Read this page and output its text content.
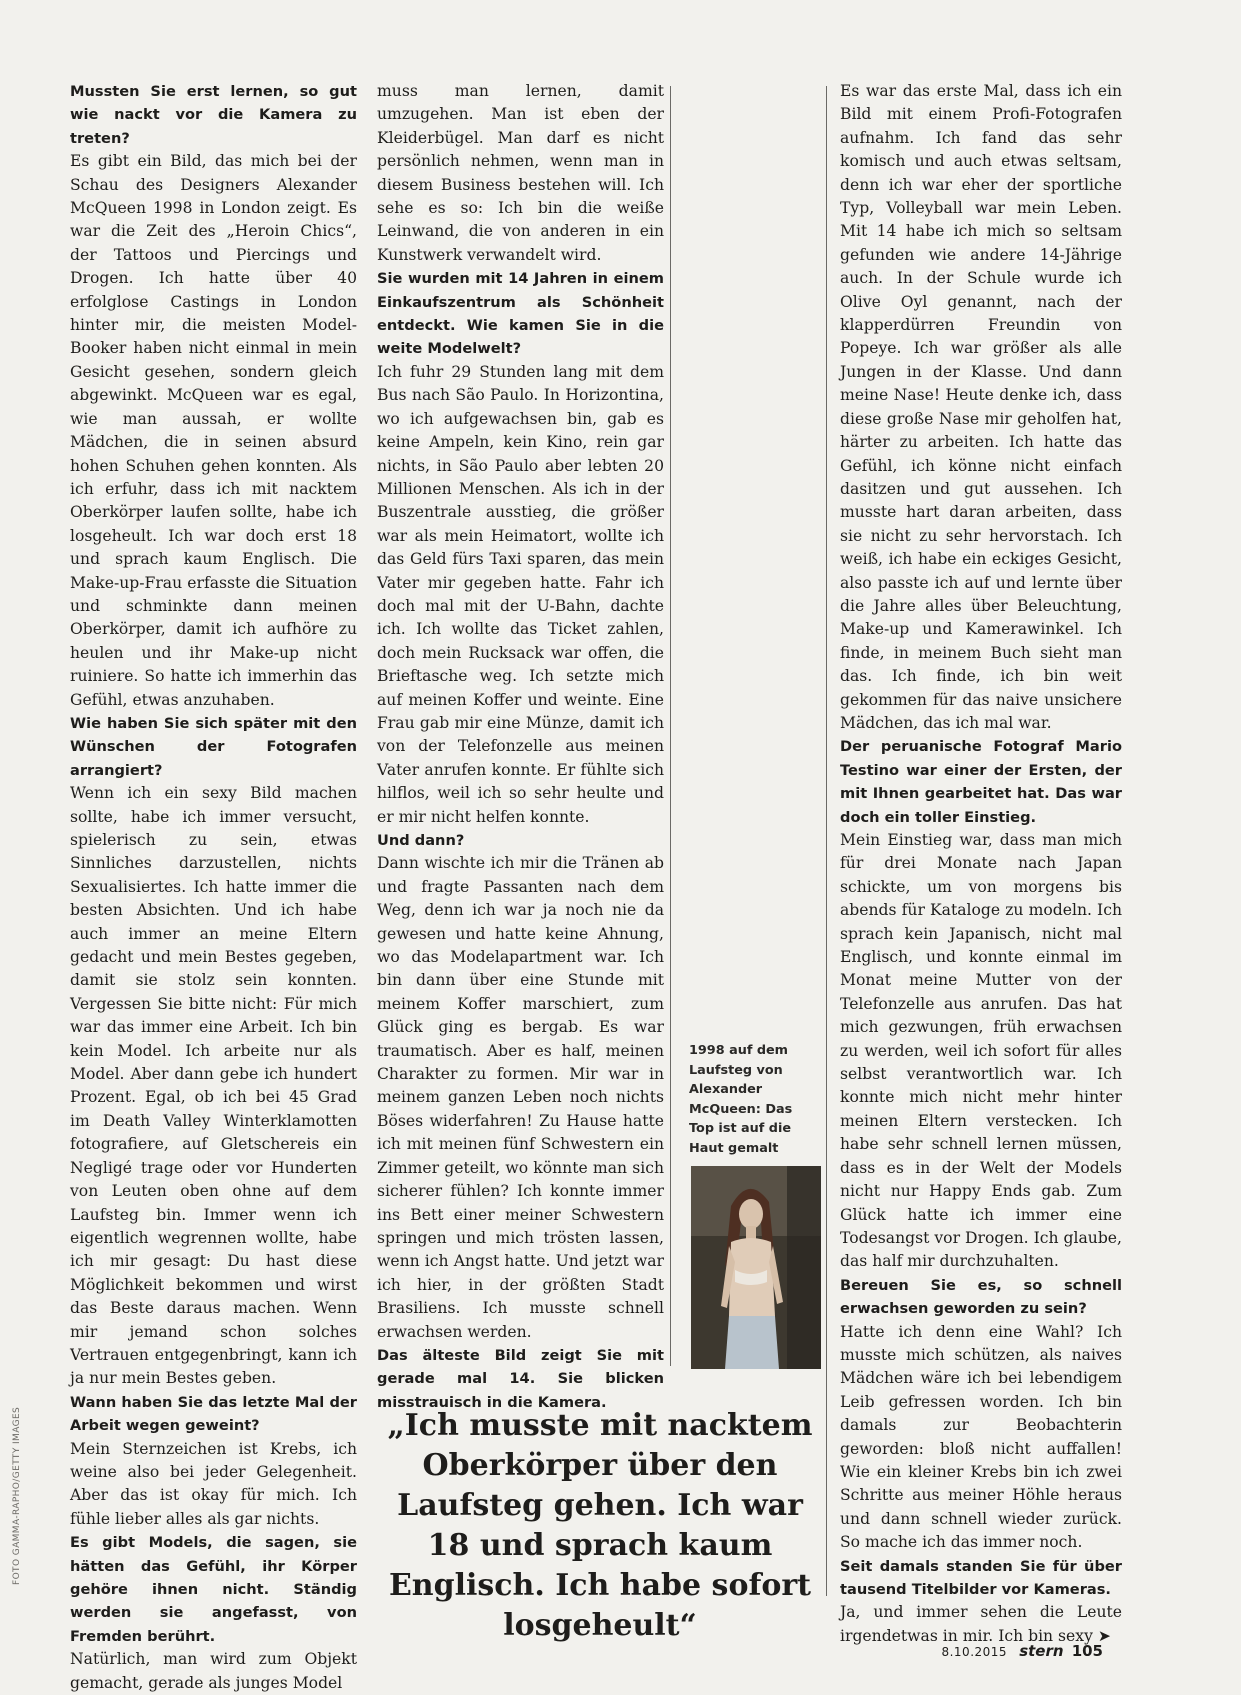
FOTO GAMMA-RAPHO/GETTY IMAGES

Mussten Sie erst lernen, so gut wie nackt vor die Kamera zu treten?

Es gibt ein Bild, das mich bei der Schau des Designers Alexander McQueen 1998 in London zeigt. Es war die Zeit des „Heroin Chics“, der Tattoos und Piercings und Drogen. Ich hatte über 40 erfolglose Castings in London hinter mir, die meisten Model-Booker haben nicht einmal in mein Gesicht gesehen, sondern gleich abgewinkt. McQueen war es egal, wie man aussah, er wollte Mädchen, die in seinen absurd hohen Schuhen gehen konnten. Als ich erfuhr, dass ich mit nacktem Oberkörper laufen sollte, habe ich losgeheult. Ich war doch erst 18 und sprach kaum Englisch. Die Make-up-Frau erfasste die Situation und schminkte dann meinen Oberkörper, damit ich aufhöre zu heulen und ihr Make-up nicht ruiniere. So hatte ich immerhin das Gefühl, etwas anzuhaben.

Wie haben Sie sich später mit den Wünschen der Fotografen arrangiert?

Wenn ich ein sexy Bild machen sollte, habe ich immer versucht, spielerisch zu sein, etwas Sinnliches darzustellen, nichts Sexualisiertes. Ich hatte immer die besten Absichten. Und ich habe auch immer an meine Eltern gedacht und mein Bestes gegeben, damit sie stolz sein konnten. Vergessen Sie bitte nicht: Für mich war das immer eine Arbeit. Ich bin kein Model. Ich arbeite nur als Model. Aber dann gebe ich hundert Prozent. Egal, ob ich bei 45 Grad im Death Valley Winterklamotten fotografiere, auf Gletschereis ein Negligé trage oder vor Hunderten von Leuten oben ohne auf dem Laufsteg bin. Immer wenn ich eigentlich wegrennen wollte, habe ich mir gesagt: Du hast diese Möglichkeit bekommen und wirst das Beste daraus machen. Wenn mir jemand schon solches Vertrauen entgegenbringt, kann ich ja nur mein Bestes geben.

Wann haben Sie das letzte Mal der Arbeit wegen geweint?

Mein Sternzeichen ist Krebs, ich weine also bei jeder Gelegenheit. Aber das ist okay für mich. Ich fühle lieber alles als gar nichts.

Es gibt Models, die sagen, sie hätten das Gefühl, ihr Körper gehöre ihnen nicht. Ständig werden sie angefasst, von Fremden berührt.

Natürlich, man wird zum Objekt gemacht, gerade als junges Model

muss man lernen, damit umzugehen. Man ist eben der Kleiderbügel. Man darf es nicht persönlich nehmen, wenn man in diesem Business bestehen will. Ich sehe es so: Ich bin die weiße Leinwand, die von anderen in ein Kunstwerk verwandelt wird.

Sie wurden mit 14 Jahren in einem Einkaufszentrum als Schönheit entdeckt. Wie kamen Sie in die weite Modelwelt?

Ich fuhr 29 Stunden lang mit dem Bus nach São Paulo. In Horizontina, wo ich aufgewachsen bin, gab es keine Ampeln, kein Kino, rein gar nichts, in São Paulo aber lebten 20 Millionen Menschen. Als ich in der Buszentrale ausstieg, die größer war als mein Heimatort, wollte ich das Geld fürs Taxi sparen, das mein Vater mir gegeben hatte. Fahr ich doch mal mit der U-Bahn, dachte ich. Ich wollte das Ticket zahlen, doch mein Rucksack war offen, die Brieftasche weg. Ich setzte mich auf meinen Koffer und weinte. Eine Frau gab mir eine Münze, damit ich von der Telefonzelle aus meinen Vater anrufen konnte. Er fühlte sich hilflos, weil ich so sehr heulte und er mir nicht helfen konnte.

Und dann?

Dann wischte ich mir die Tränen ab und fragte Passanten nach dem Weg, denn ich war ja noch nie da gewesen und hatte keine Ahnung, wo das Modelapartment war. Ich bin dann über eine Stunde mit meinem Koffer marschiert, zum Glück ging es bergab. Es war traumatisch. Aber es half, meinen Charakter zu formen. Mir war in meinem ganzen Leben noch nichts Böses widerfahren! Zu Hause hatte ich mit meinen fünf Schwestern ein Zimmer geteilt, wo könnte man sich sicherer fühlen? Ich konnte immer ins Bett einer meiner Schwestern springen und mich trösten lassen, wenn ich Angst hatte. Und jetzt war ich hier, in der größten Stadt Brasiliens. Ich musste schnell erwachsen werden.

Das älteste Bild zeigt Sie mit gerade mal 14. Sie blicken misstrauisch in die Kamera.

1998 auf dem Laufsteg von Alexander McQueen: Das Top ist auf die Haut gemalt

Es war das erste Mal, dass ich ein Bild mit einem Profi-Fotografen aufnahm. Ich fand das sehr komisch und auch etwas seltsam, denn ich war eher der sportliche Typ, Volleyball war mein Leben. Mit 14 habe ich mich so seltsam gefunden wie andere 14-Jährige auch. In der Schule wurde ich Olive Oyl genannt, nach der klapperdürren Freundin von Popeye. Ich war größer als alle Jungen in der Klasse. Und dann meine Nase! Heute denke ich, dass diese große Nase mir geholfen hat, härter zu arbeiten. Ich hatte das Gefühl, ich könne nicht einfach dasitzen und gut aussehen. Ich musste hart daran arbeiten, dass sie nicht zu sehr hervorstach. Ich weiß, ich habe ein eckiges Gesicht, also passte ich auf und lernte über die Jahre alles über Beleuchtung, Make-up und Kamerawinkel. Ich finde, in meinem Buch sieht man das. Ich finde, ich bin weit gekommen für das naive unsichere Mädchen, das ich mal war.

Der peruanische Fotograf Mario Testino war einer der Ersten, der mit Ihnen gearbeitet hat. Das war doch ein toller Einstieg.

Mein Einstieg war, dass man mich für drei Monate nach Japan schickte, um von morgens bis abends für Kataloge zu modeln. Ich sprach kein Japanisch, nicht mal Englisch, und konnte einmal im Monat meine Mutter von der Telefonzelle aus anrufen. Das hat mich gezwungen, früh erwachsen zu werden, weil ich sofort für alles selbst verantwortlich war. Ich konnte mich nicht mehr hinter meinen Eltern verstecken. Ich habe sehr schnell lernen müssen, dass es in der Welt der Models nicht nur Happy Ends gab. Zum Glück hatte ich immer eine Todesangst vor Drogen. Ich glaube, das half mir durchzuhalten.

Bereuen Sie es, so schnell erwachsen geworden zu sein?

Hatte ich denn eine Wahl? Ich musste mich schützen, als naives Mädchen wäre ich bei lebendigem Leib gefressen worden. Ich bin damals zur Beobachterin geworden: bloß nicht auffallen! Wie ein kleiner Krebs bin ich zwei Schritte aus meiner Höhle heraus und dann schnell wieder zurück. So mache ich das immer noch.

Seit damals standen Sie für über tausend Titelbilder vor Kameras.

Ja, und immer sehen die Leute irgendetwas in mir. Ich bin sexy ➤

„Ich musste mit nacktem Oberkörper über den Laufsteg gehen. Ich war 18 und sprach kaum Englisch. Ich habe sofort losgeheult“
8.10.2015 stern 105
